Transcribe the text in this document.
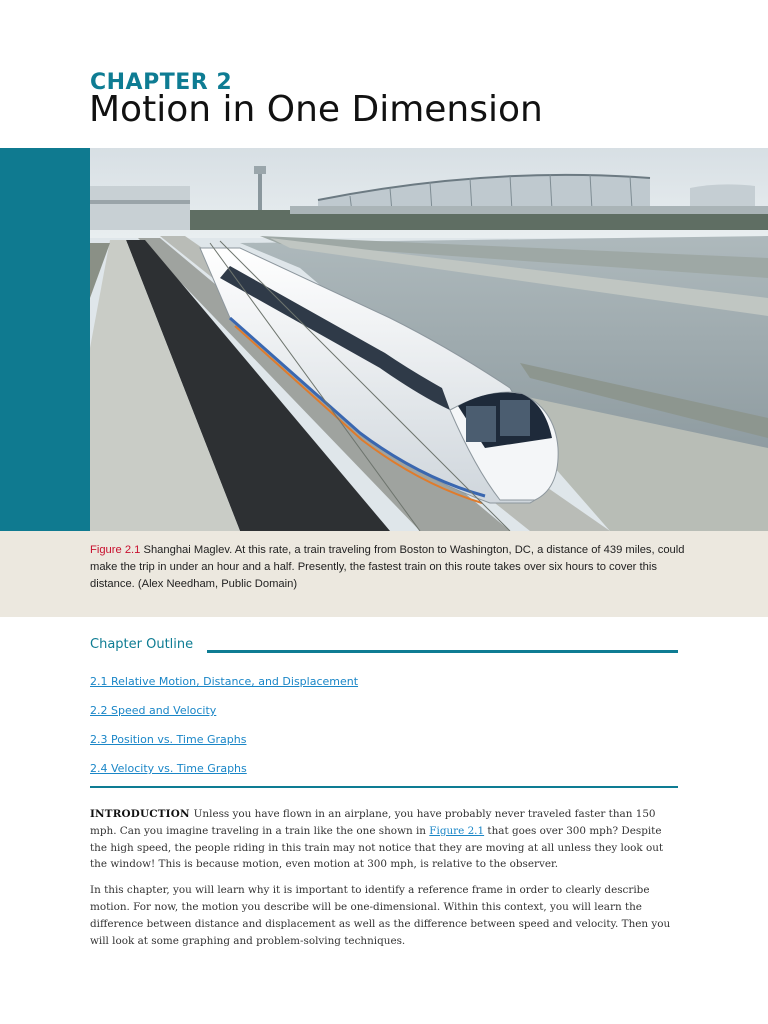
CHAPTER 2
Motion in One Dimension
Figure 2.1 Shanghai Maglev. At this rate, a train traveling from Boston to Washington, DC, a distance of 439 miles, could make the trip in under an hour and a half. Presently, the fastest train on this route takes over six hours to cover this distance. (Alex Needham, Public Domain)
Chapter Outline
2.1 Relative Motion, Distance, and Displacement
2.2 Speed and Velocity
2.3 Position vs. Time Graphs
2.4 Velocity vs. Time Graphs

INTRODUCTION Unless you have flown in an airplane, you have probably never traveled faster than 150 mph. Can you imagine traveling in a train like the one shown in Figure 2.1 that goes over 300 mph? Despite the high speed, the people riding in this train may not notice that they are moving at all unless they look out the window! This is because motion, even motion at 300 mph, is relative to the observer.

In this chapter, you will learn why it is important to identify a reference frame in order to clearly describe motion. For now, the motion you describe will be one-dimensional. Within this context, you will learn the difference between distance and displacement as well as the difference between speed and velocity. Then you will look at some graphing and problem-solving techniques.
